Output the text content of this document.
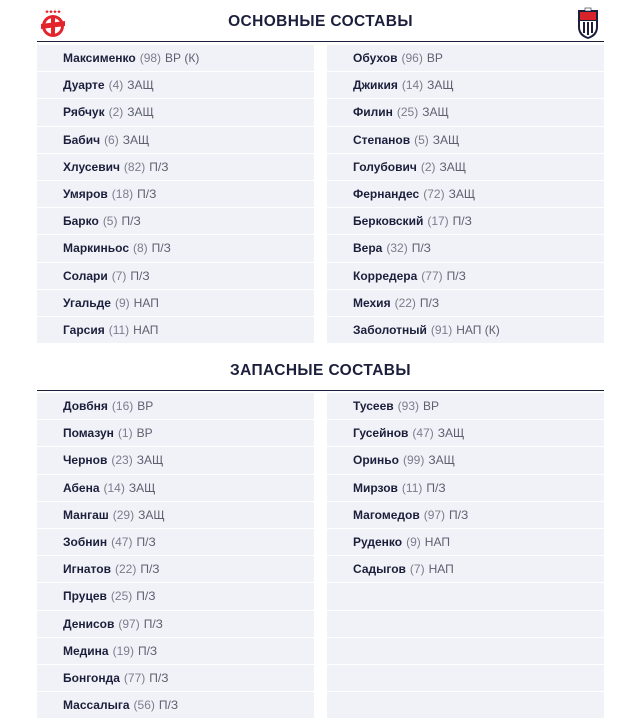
ОСНОВНЫЕ СОСТАВЫ
Максименко (98) ВР (К)
Дуарте (4) ЗАЩ
Рябчук (2) ЗАЩ
Бабич (6) ЗАЩ
Хлусевич (82) П/З
Умяров (18) П/З
Барко (5) П/З
Маркиньос (8) П/З
Солари (7) П/З
Угальде (9) НАП
Гарсия (11) НАП
Обухов (96) ВР
Джикия (14) ЗАЩ
Филин (25) ЗАЩ
Степанов (5) ЗАЩ
Голубович (2) ЗАЩ
Фернандес (72) ЗАЩ
Берковский (17) П/З
Вера (32) П/З
Корредера (77) П/З
Мехия (22) П/З
Заболотный (91) НАП (К)
ЗАПАСНЫЕ СОСТАВЫ
Довбня (16) ВР
Помазун (1) ВР
Чернов (23) ЗАЩ
Абена (14) ЗАЩ
Мангаш (29) ЗАЩ
Зобнин (47) П/З
Игнатов (22) П/З
Пруцев (25) П/З
Денисов (97) П/З
Медина (19) П/З
Бонгонда (77) П/З
Массалыга (56) П/З
Тусеев (93) ВР
Гусейнов (47) ЗАЩ
Ориньо (99) ЗАЩ
Мирзов (11) П/З
Магомедов (97) П/З
Руденко (9) НАП
Садыгов (7) НАП
